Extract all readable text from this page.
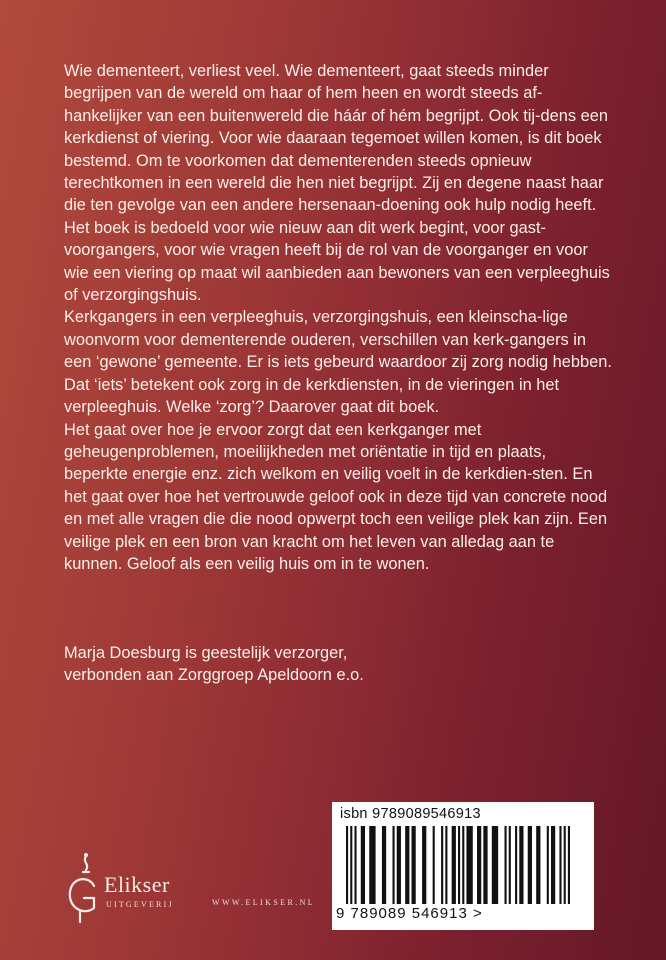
Wie dementeert, verliest veel. Wie dementeert, gaat steeds minder begrijpen van de wereld om haar of hem heen en wordt steeds af-hankelijker van een buitenwereld die háár of hém begrijpt. Ook tij-dens een kerkdienst of viering. Voor wie daaraan tegemoet willen komen, is dit boek bestemd. Om te voorkomen dat dementerenden steeds opnieuw terechtkomen in een wereld die hen niet begrijpt. Zij en degene naast haar die ten gevolge van een andere hersenaan-doening ook hulp nodig heeft.

Het boek is bedoeld voor wie nieuw aan dit werk begint, voor gast-voorgangers, voor wie vragen heeft bij de rol van de voorganger en voor wie een viering op maat wil aanbieden aan bewoners van een verpleeghuis of verzorgingshuis.

Kerkgangers in een verpleeghuis, verzorgingshuis, een kleinscha-lige woonvorm voor dementerende ouderen, verschillen van kerk-gangers in een ‘gewone’ gemeente. Er is iets gebeurd waardoor zij zorg nodig hebben. Dat ‘iets’ betekent ook zorg in de kerkdiensten, in de vieringen in het verpleeghuis. Welke ‘zorg’? Daarover gaat dit boek.

Het gaat over hoe je ervoor zorgt dat een kerkganger met geheugenproblemen, moeilijkheden met oriëntatie in tijd en plaats, beperkte energie enz. zich welkom en veilig voelt in de kerkdien-sten. En het gaat over hoe het vertrouwde geloof ook in deze tijd van concrete nood en met alle vragen die die nood opwerpt toch een veilige plek kan zijn. Een veilige plek en een bron van kracht om het leven van alledag aan te kunnen. Geloof als een veilig huis om in te wonen.

Marja Doesburg is geestelijk verzorger,
verbonden aan Zorggroep Apeldoorn e.o.
Elikser
UITGEVERIJ	WWW.ELIKSER.NL
isbn 9789089546913
9 789089 546913 >
